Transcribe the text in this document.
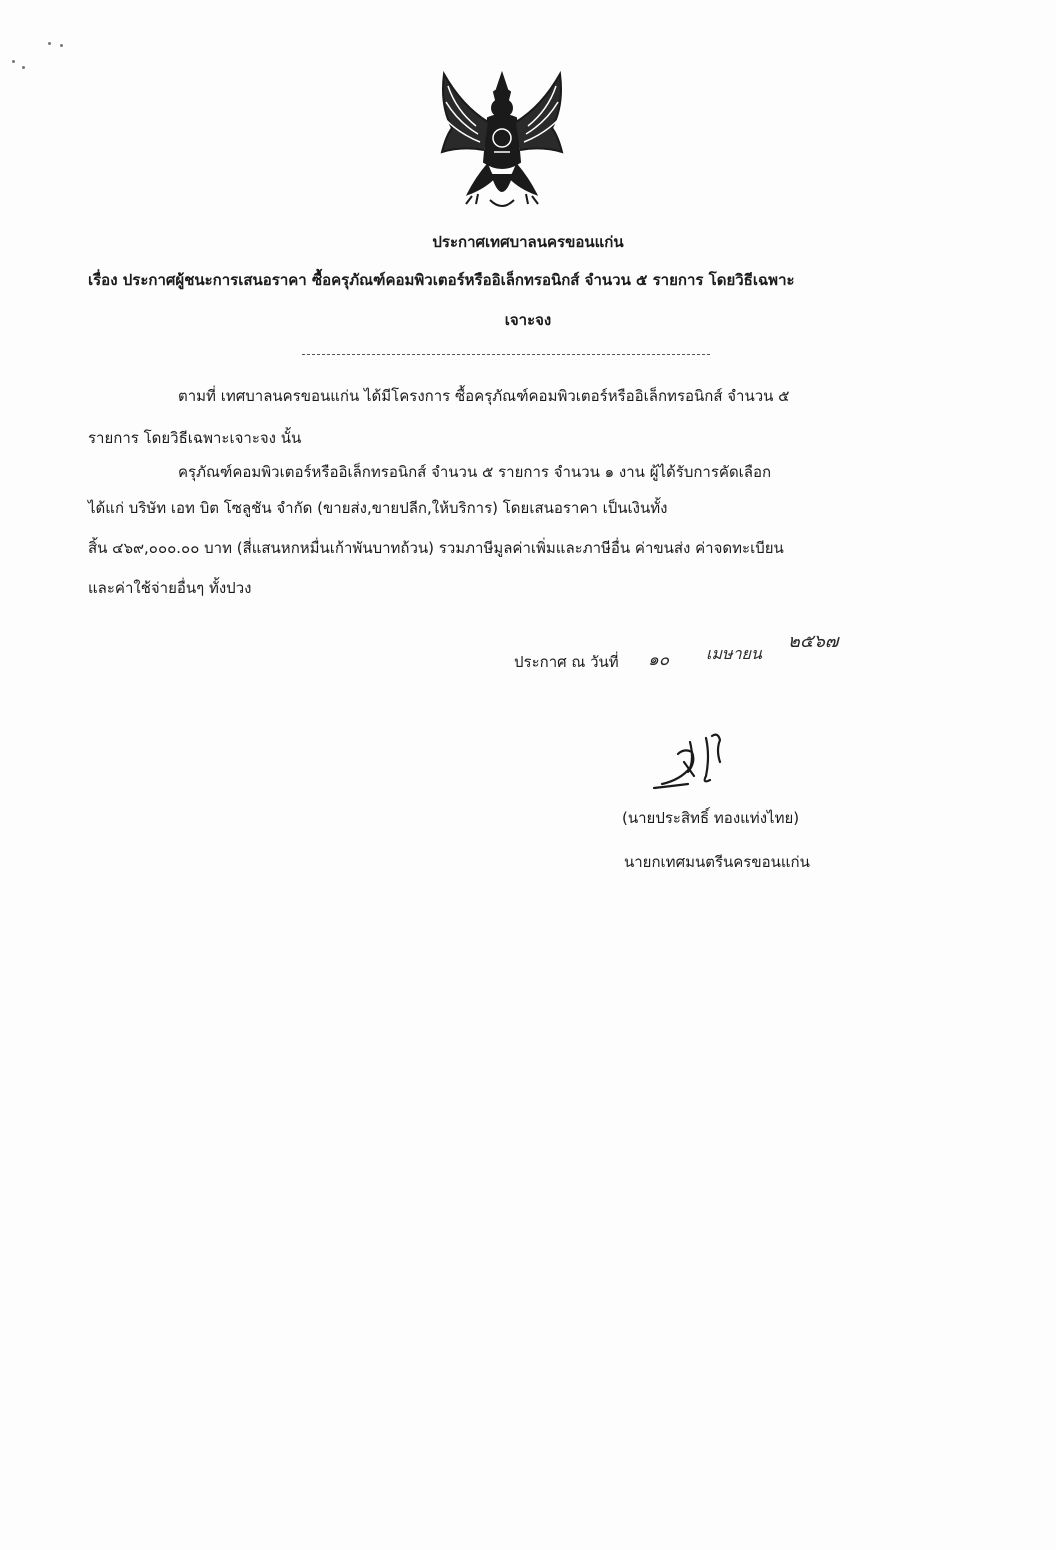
ประกาศเทศบาลนครขอนแก่น
เรื่อง ประกาศผู้ชนะการเสนอราคา ซื้อครุภัณฑ์คอมพิวเตอร์หรืออิเล็กทรอนิกส์ จำนวน ๕ รายการ โดยวิธีเฉพาะ
เจาะจง
ตามที่ เทศบาลนครขอนแก่น ได้มีโครงการ ซื้อครุภัณฑ์คอมพิวเตอร์หรืออิเล็กทรอนิกส์ จำนวน ๕
รายการ โดยวิธีเฉพาะเจาะจง นั้น
ครุภัณฑ์คอมพิวเตอร์หรืออิเล็กทรอนิกส์ จำนวน ๕ รายการ จำนวน ๑ งาน ผู้ได้รับการคัดเลือก
ได้แก่ บริษัท เอท บิต โซลูชัน จำกัด (ขายส่ง,ขายปลีก,ให้บริการ) โดยเสนอราคา เป็นเงินทั้ง
สิ้น ๔๖๙,๐๐๐.๐๐ บาท (สี่แสนหกหมื่นเก้าพันบาทถ้วน) รวมภาษีมูลค่าเพิ่มและภาษีอื่น ค่าขนส่ง ค่าจดทะเบียน
และค่าใช้จ่ายอื่นๆ ทั้งปวง
ประกาศ ณ วันที่ ๑๐ เมษายน
๒๕๖๗
(นายประสิทธิ์ ทองแท่งไทย)
นายกเทศมนตรีนครขอนแก่น
